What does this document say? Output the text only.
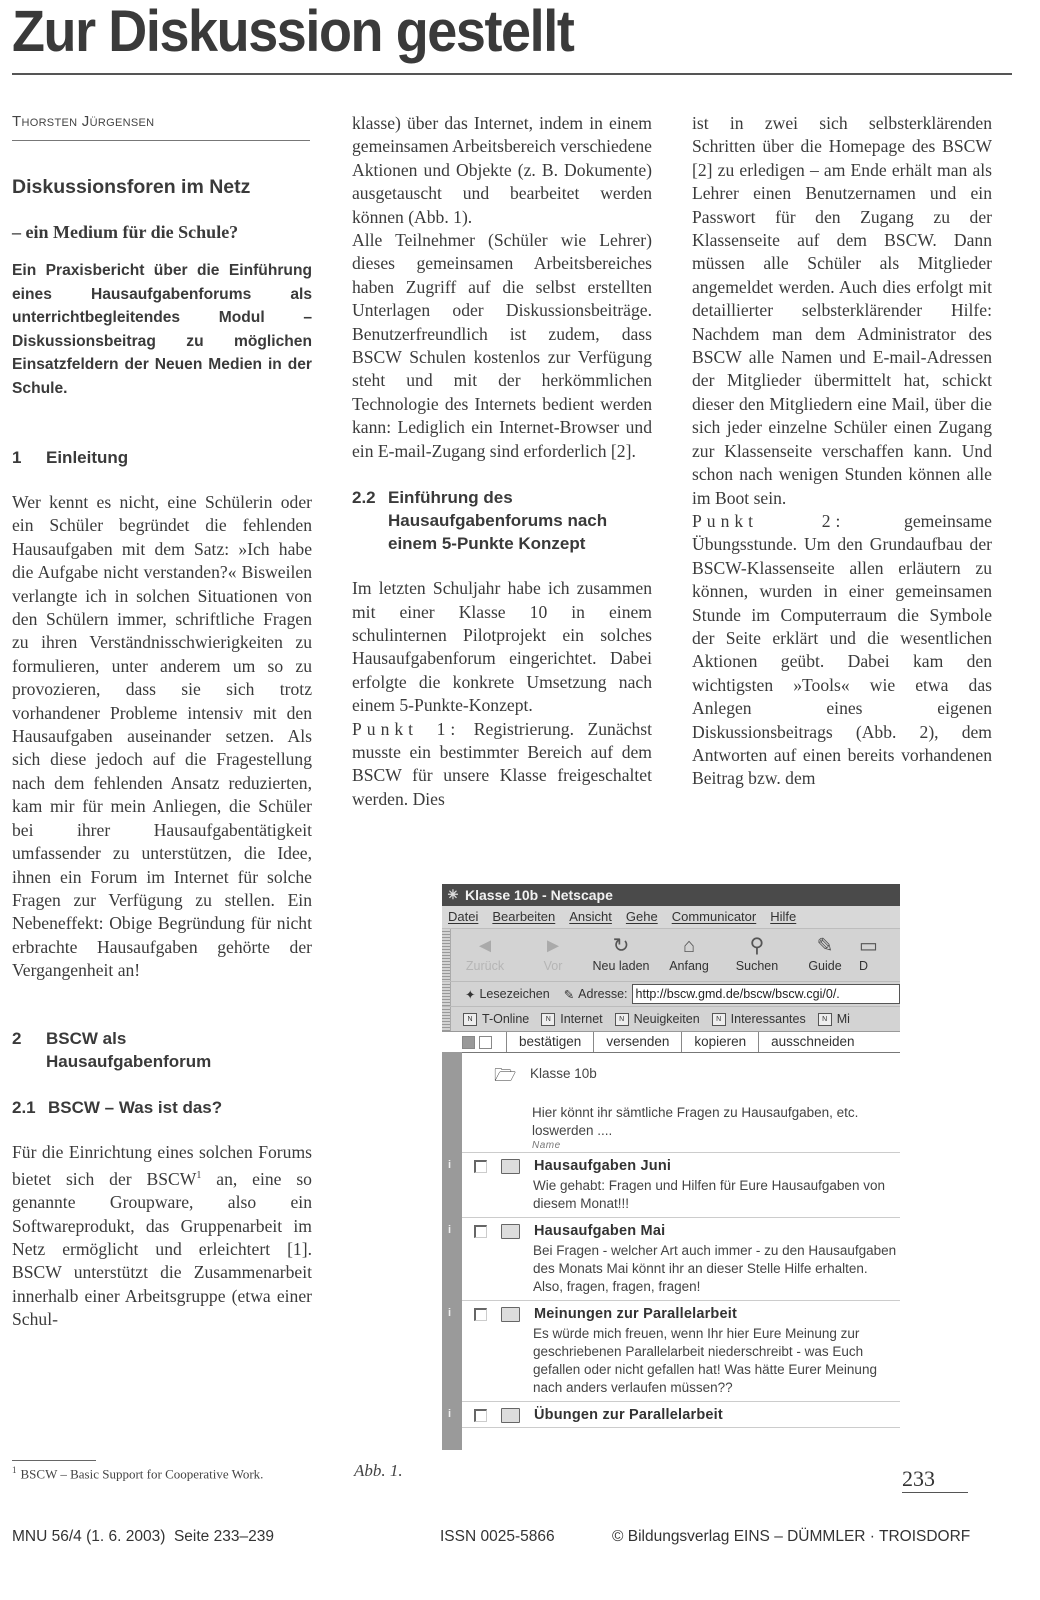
Zur Diskussion gestellt

Thorsten Jürgensen

Diskussionsforen im Netz
– ein Medium für die Schule?

Ein Praxisbericht über die Einführung eines Hausaufgabenforums als unterrichtbegleitendes Modul – Diskussionsbeitrag zu möglichen Einsatzfeldern der Neuen Medien in der Schule.

1	Einleitung

Wer kennt es nicht, eine Schülerin oder ein Schüler begründet die fehlenden Hausaufgaben mit dem Satz: »Ich habe die Aufgabe nicht verstanden?« Bisweilen verlangte ich in solchen Situationen von den Schülern immer, schriftliche Fragen zu ihren Verständnisschwierigkeiten zu formulieren, unter anderem um so zu provozieren, dass sie sich trotz vorhandener Probleme intensiv mit den Hausaufgaben auseinander setzen. Als sich diese jedoch auf die Fragestellung nach dem fehlenden Ansatz reduzierten, kam mir für mein Anliegen, die Schüler bei ihrer Hausaufgabentätigkeit umfassender zu unterstützen, die Idee, ihnen ein Forum im Internet für solche Fragen zur Verfügung zu stellen. Ein Nebeneffekt: Obige Begründung für nicht erbrachte Hausaufgaben gehörte der Vergangenheit an!

2	BSCW als
Hausaufgabenforum
2.1 BSCW – Was ist das?

Für die Einrichtung eines solchen Forums bietet sich der BSCW$^1$ an, eine so genannte Groupware, also ein Softwareprodukt, das Gruppenarbeit im Netz ermöglicht und erleichtert [1]. BSCW unterstützt die Zusammenarbeit innerhalb einer Arbeitsgruppe (etwa einer Schul-

klasse) über das Internet, indem in einem gemeinsamen Arbeitsbereich verschiedene Aktionen und Objekte (z. B. Dokumente) ausgetauscht und bearbeitet werden können (Abb. 1).

Alle Teilnehmer (Schüler wie Lehrer) dieses gemeinsamen Arbeitsbereiches haben Zugriff auf die selbst erstellten Unterlagen oder Diskussionsbeiträge. Benutzerfreundlich ist zudem, dass BSCW Schulen kostenlos zur Verfügung steht und mit der herkömmlichen Technologie des Internets bedient werden kann: Lediglich ein Internet-Browser und ein E-mail-Zugang sind erforderlich [2].

2.2 Einführung des
Hausaufgabenforums nach
einem 5-Punkte Konzept

Im letzten Schuljahr habe ich zusammen mit einer Klasse 10 in einem schulinternen Pilotprojekt ein solches Hausaufgabenforum eingerichtet. Dabei erfolgte die konkrete Umsetzung nach einem 5-Punkte-Konzept.

Punkt 1: Registrierung. Zunächst musste ein bestimmter Bereich auf dem BSCW für unsere Klasse freigeschaltet werden. Dies

ist in zwei sich selbsterklärenden Schritten über die Homepage des BSCW [2] zu erledigen – am Ende erhält man als Lehrer einen Benutzernamen und ein Passwort für den Zugang zu der Klassenseite auf dem BSCW. Dann müssen alle Schüler als Mitglieder angemeldet werden. Auch dies erfolgt mit detaillierter selbsterklärender Hilfe: Nachdem man dem Administrator des BSCW alle Namen und E-mail-Adressen der Mitglieder übermittelt hat, schickt dieser den Mitgliedern eine Mail, über die sich jeder einzelne Schüler einen Zugang zur Klassenseite verschaffen kann. Und schon nach wenigen Stunden können alle im Boot sein.

Punkt 2: gemeinsame Übungsstunde. Um den Grundaufbau der BSCW-Klassenseite allen erläutern zu können, wurden in einer gemeinsamen Stunde im Computerraum die Symbole der Seite erklärt und die wesentlichen Aktionen geübt. Dabei kam den wichtigsten »Tools« wie etwa das Anlegen eines eigenen Diskussionsbeitrags (Abb. 2), dem Antworten auf einen bereits vorhandenen Beitrag bzw. dem

✳ Klasse 10b - Netscape
Datei Bearbeiten Ansicht Gehe Communicator Hilfe
◄
Zurück
►
Vor
↻
Neu laden
⌂
Anfang
⚲
Suchen
✎
Guide
▭
D
✦ Lesezeichen ✎ Adresse: http://bscw.gmd.de/bscw/bscw.cgi/0/.
N T-Online	N Internet	N Neuigkeiten	N Interessantes	N Mi
bestätigen	versenden	kopieren	ausschneiden
🗁	Klasse 10b
Hier könnt ihr sämtliche Fragen zu Hausaufgaben, etc. loswerden ....
Name
i	Hausaufgaben Juni
Wie gehabt: Fragen und Hilfen für Eure Hausaufgaben von diesem Monat!!!
i	Hausaufgaben Mai
Bei Fragen - welcher Art auch immer - zu den Hausaufgaben des Monats Mai könnt ihr an dieser Stelle Hilfe erhalten. Also, fragen, fragen, fragen!
i	Meinungen zur Parallelarbeit
Es würde mich freuen, wenn Ihr hier Eure Meinung zur geschriebenen Parallelarbeit niederschreibt - was Euch gefallen oder nicht gefallen hat! Was hätte Eurer Meinung nach anders verlaufen müssen??
i	Übungen zur Parallelarbeit
Abb. 1.
$^1$ BSCW – Basic Support for Cooperative Work.	233
MNU 56/4 (1. 6. 2003)  Seite 233–239	ISSN 0025-5866	© Bildungsverlag EINS – DÜMMLER · TROISDORF
